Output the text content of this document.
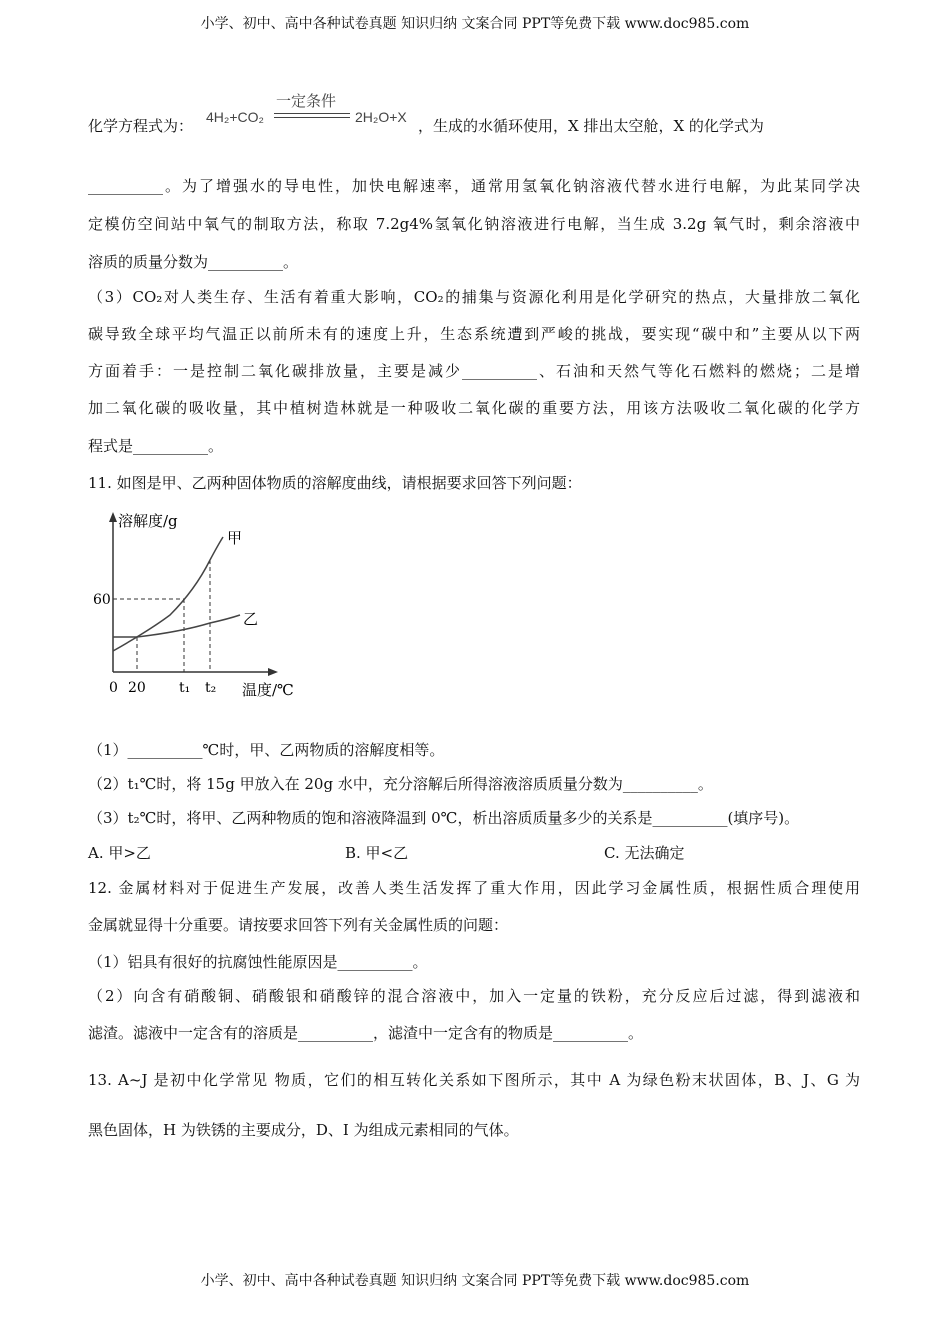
小学、初中、高中各种试卷真题 知识归纳 文案合同 PPT等免费下载 www.doc985.com
化学方程式为： 4H₂+CO₂
一定条件
2H₂O+X ，生成的水循环使用，X 排出太空舱，X 的化学式为
__________。为了增强水的导电性，加快电解速率，通常用氢氧化钠溶液代替水进行电解，为此某同学决
定模仿空间站中氧气的制取方法，称取 7.2g4%氢氧化钠溶液进行电解，当生成 3.2g 氧气时，剩余溶液中
溶质的质量分数为__________。
（3）CO₂对人类生存、生活有着重大影响，CO₂的捕集与资源化利用是化学研究的热点，大量排放二氧化
碳导致全球平均气温正以前所未有的速度上升，生态系统遭到严峻的挑战，要实现“碳中和”主要从以下两
方面着手：一是控制二氧化碳排放量，主要是减少__________、石油和天然气等化石燃料的燃烧；二是增
加二氧化碳的吸收量，其中植树造林就是一种吸收二氧化碳的重要方法，用该方法吸收二氧化碳的化学方
程式是__________。
11. 如图是甲、乙两种固体物质的溶解度曲线，请根据要求回答下列问题：
溶解度/g
甲
乙
60
0 20 t₁ t₂ 温度/℃
（1）__________℃时，甲、乙两物质的溶解度相等。
（2）t₁℃时，将 15g 甲放入在 20g 水中，充分溶解后所得溶液溶质质量分数为__________。
（3）t₂℃时，将甲、乙两种物质的饱和溶液降温到 0℃，析出溶质质量多少的关系是__________(填序号)。
A. 甲>乙	B. 甲<乙	C. 无法确定
12. 金属材料对于促进生产发展，改善人类生活发挥了重大作用，因此学习金属性质，根据性质合理使用
金属就显得十分重要。请按要求回答下列有关金属性质的问题：
（1）铝具有很好的抗腐蚀性能原因是__________。
（2）向含有硝酸铜、硝酸银和硝酸锌的混合溶液中，加入一定量的铁粉，充分反应后过滤，得到滤液和
滤渣。滤液中一定含有的溶质是__________，滤渣中一定含有的物质是__________。
13. A~J 是初中化学常见 物质，它们的相互转化关系如下图所示，其中 A 为绿色粉末状固体，B、J、G 为
黑色固体，H 为铁锈的主要成分，D、I 为组成元素相同的气体。
小学、初中、高中各种试卷真题 知识归纳 文案合同 PPT等免费下载 www.doc985.com
